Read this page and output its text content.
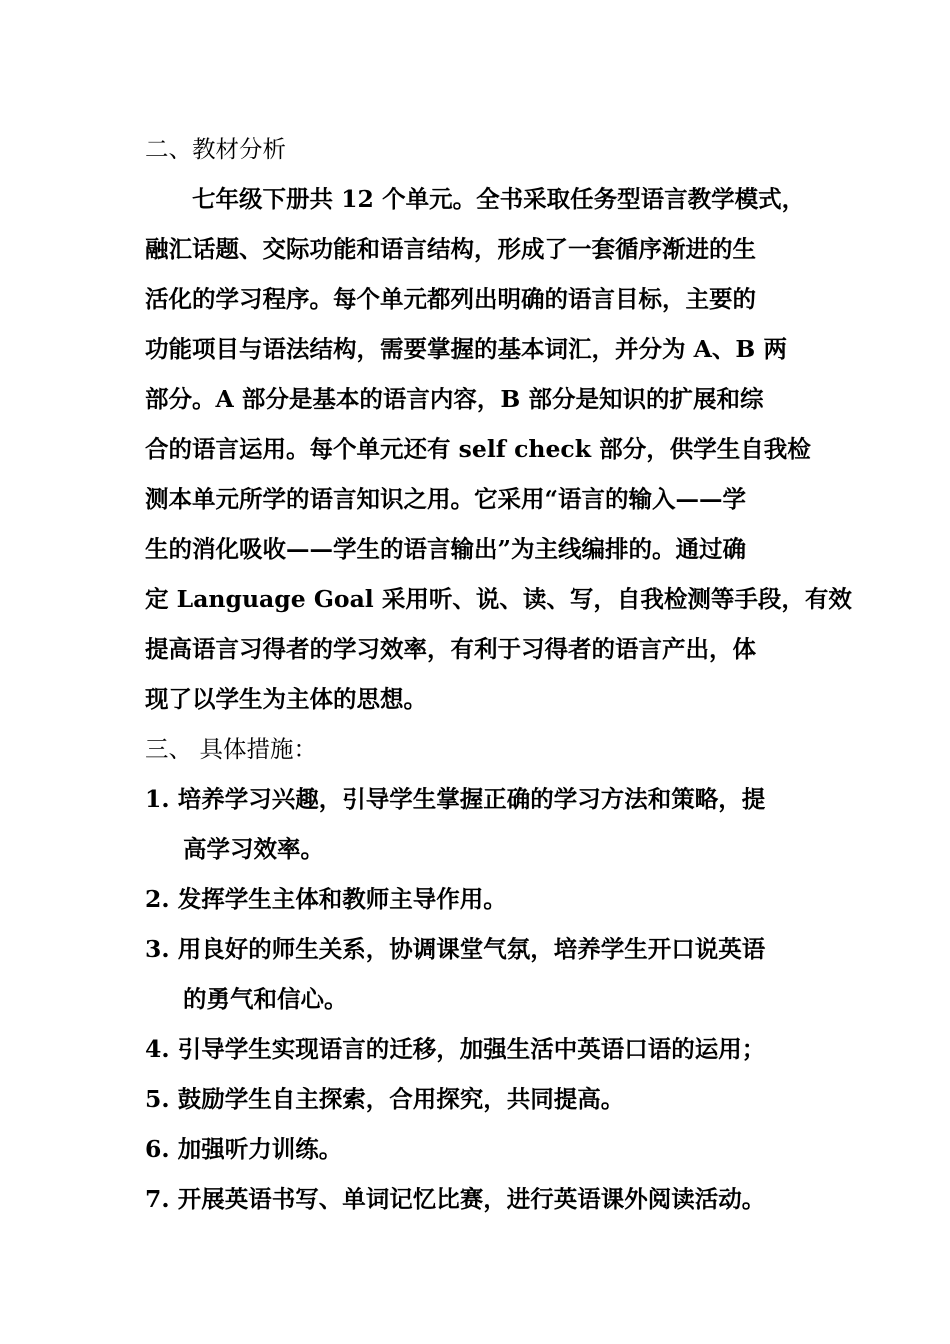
二、教材分析
七年级下册共 12 个单元。全书采取任务型语言教学模式，
融汇话题、交际功能和语言结构，形成了一套循序渐进的生
活化的学习程序。每个单元都列出明确的语言目标，主要的
功能项目与语法结构，需要掌握的基本词汇，并分为 A、B 两
部分。A 部分是基本的语言内容，B 部分是知识的扩展和综
合的语言运用。每个单元还有 self check 部分，供学生自我检
测本单元所学的语言知识之用。它采用“语言的输入——学
生的消化吸收——学生的语言输出”为主线编排的。通过确
定 Language Goal 采用听、说、读、写，自我检测等手段，有效
提高语言习得者的学习效率，有利于习得者的语言产出，体
现了以学生为主体的思想。
三、 具体措施：
1. 培养学习兴趣，引导学生掌握正确的学习方法和策略，提
高学习效率。
2. 发挥学生主体和教师主导作用。
3. 用良好的师生关系，协调课堂气氛，培养学生开口说英语
的勇气和信心。
4. 引导学生实现语言的迁移，加强生活中英语口语的运用；
5. 鼓励学生自主探索，合用探究，共同提高。
6. 加强听力训练。
7. 开展英语书写、单词记忆比赛，进行英语课外阅读活动。
